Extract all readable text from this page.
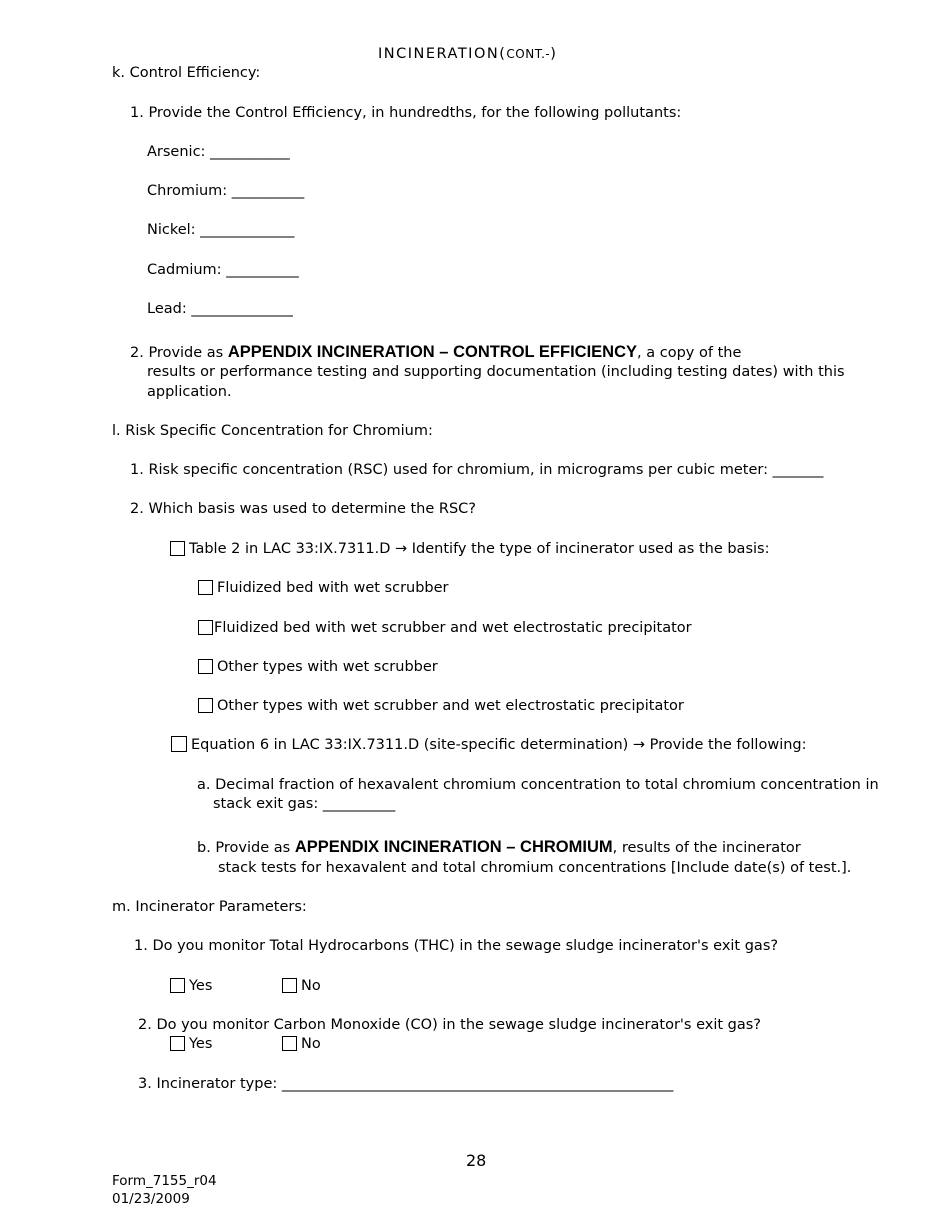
INCINERATION(CONT.-)
k. Control Efficiency:
1. Provide the Control Efficiency, in hundredths, for the following pollutants:
Arsenic: ___________
Chromium: __________
Nickel: _____________
Cadmium: __________
Lead: ______________
2. Provide as APPENDIX INCINERATION – CONTROL EFFICIENCY, a copy of the
results or performance testing and supporting documentation (including testing dates) with this
application.
l. Risk Specific Concentration for Chromium:
1. Risk specific concentration (RSC) used for chromium, in micrograms per cubic meter: _______
2. Which basis was used to determine the RSC?
Table 2 in LAC 33:IX.7311.D → Identify the type of incinerator used as the basis:
Fluidized bed with wet scrubber
Fluidized bed with wet scrubber and wet electrostatic precipitator
Other types with wet scrubber
Other types with wet scrubber and wet electrostatic precipitator
Equation 6 in LAC 33:IX.7311.D (site-specific determination) → Provide the following:
a. Decimal fraction of hexavalent chromium concentration to total chromium concentration in
stack exit gas: __________
b. Provide as APPENDIX INCINERATION – CHROMIUM, results of the incinerator
stack tests for hexavalent and total chromium concentrations [Include date(s) of test.].
m. Incinerator Parameters:
1. Do you monitor Total Hydrocarbons (THC) in the sewage sludge incinerator's exit gas?
Yes	No
2. Do you monitor Carbon Monoxide (CO) in the sewage sludge incinerator's exit gas?
Yes	No
3. Incinerator type: ______________________________________________________
28
Form_7155_r04
01/23/2009
